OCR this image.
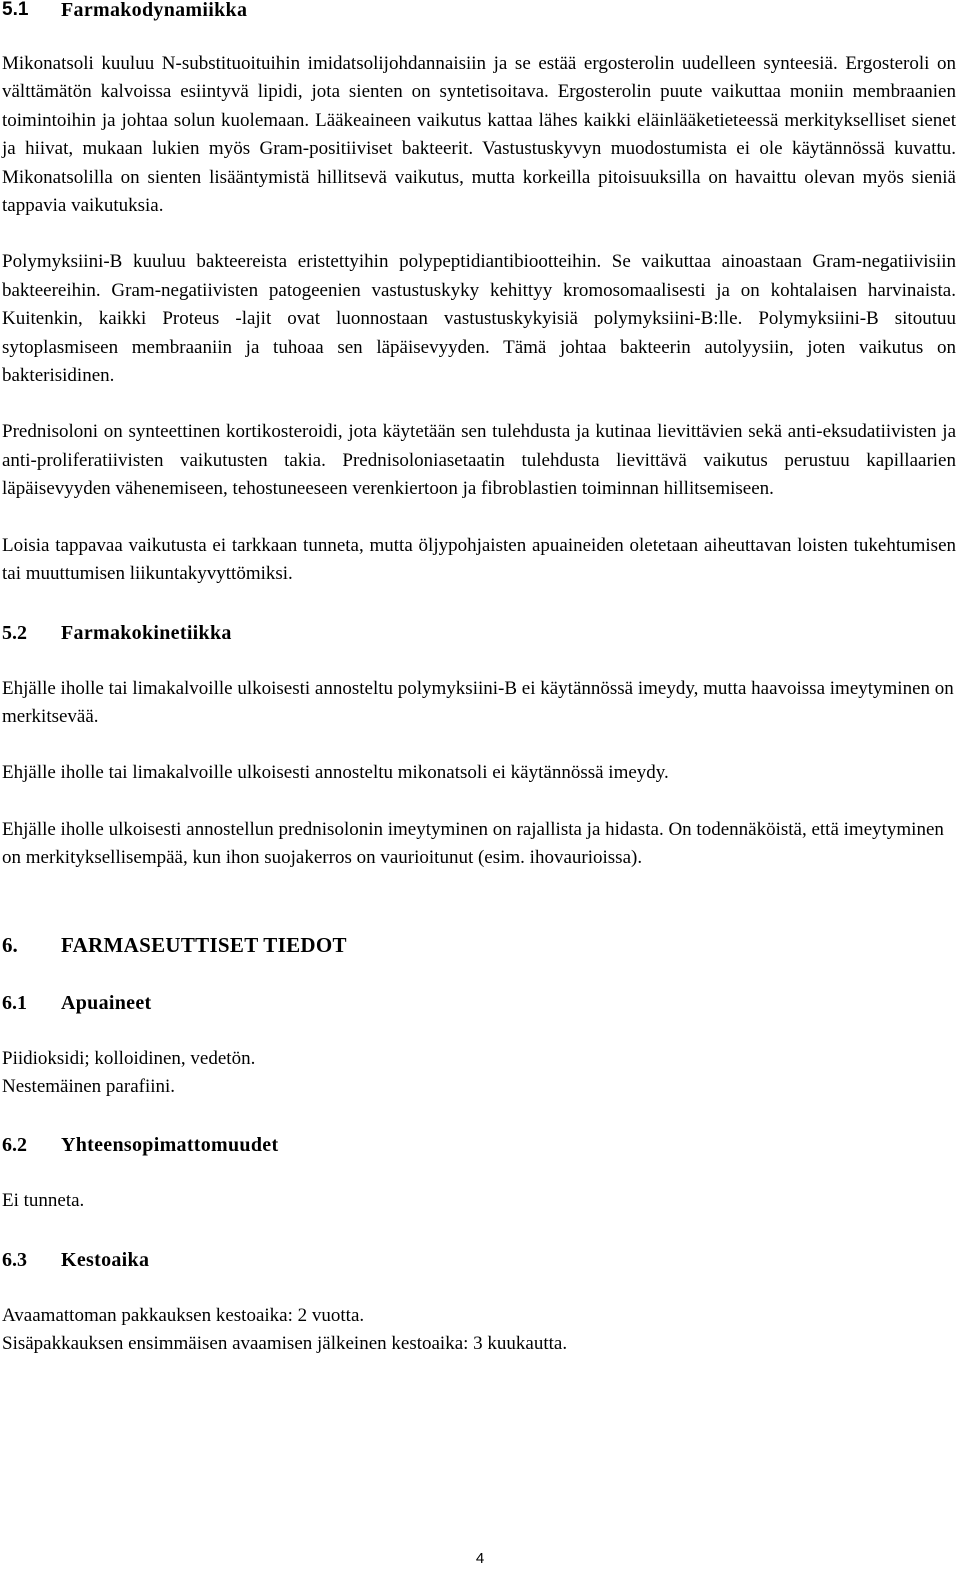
5.1	Farmakodynamiikka

Mikonatsoli kuuluu N-substituoituihin imidatsolijohdannaisiin ja se estää ergosterolin uudelleen synteesiä. Ergosteroli on välttämätön kalvoissa esiintyvä lipidi, jota sienten on syntetisoitava. Ergosterolin puute vaikuttaa moniin membraanien toimintoihin ja johtaa solun kuolemaan. Lääkeaineen vaikutus kattaa lähes kaikki eläinlääketieteessä merkitykselliset sienet ja hiivat, mukaan lukien myös Gram-positiiviset bakteerit. Vastustuskyvyn muodostumista ei ole käytännössä kuvattu. Mikonatsolilla on sienten lisääntymistä hillitsevä vaikutus, mutta korkeilla pitoisuuksilla on havaittu olevan myös sieniä tappavia vaikutuksia.

Polymyksiini-B kuuluu bakteereista eristettyihin polypeptidiantibiootteihin. Se vaikuttaa ainoastaan Gram-negatiivisiin bakteereihin. Gram-negatiivisten patogeenien vastustuskyky kehittyy kromosomaalisesti ja on kohtalaisen harvinaista. Kuitenkin, kaikki Proteus -lajit ovat luonnostaan vastustuskykyisiä polymyksiini-B:lle. Polymyksiini-B sitoutuu sytoplasmiseen membraaniin ja tuhoaa sen läpäisevyyden. Tämä johtaa bakteerin autolyysiin, joten vaikutus on bakterisidinen.

Prednisoloni on synteettinen kortikosteroidi, jota käytetään sen tulehdusta ja kutinaa lievittävien sekä anti-eksudatiivisten ja anti-proliferatiivisten vaikutusten takia. Prednisoloniasetaatin tulehdusta lievittävä vaikutus perustuu kapillaarien läpäisevyyden vähenemiseen, tehostuneeseen verenkiertoon ja fibroblastien toiminnan hillitsemiseen.

Loisia tappavaa vaikutusta ei tarkkaan tunneta, mutta öljypohjaisten apuaineiden oletetaan aiheuttavan loisten tukehtumisen tai muuttumisen liikuntakyvyttömiksi.

5.2	Farmakokinetiikka

Ehjälle iholle tai limakalvoille ulkoisesti annosteltu polymyksiini-B ei käytännössä imeydy, mutta haavoissa imeytyminen on merkitsevää.

Ehjälle iholle tai limakalvoille ulkoisesti annosteltu mikonatsoli ei käytännössä imeydy.

Ehjälle iholle ulkoisesti annostellun prednisolonin imeytyminen on rajallista ja hidasta. On todennäköistä, että imeytyminen on merkityksellisempää, kun ihon suojakerros on vaurioitunut (esim. ihovaurioissa).

6.	FARMASEUTTISET TIEDOT
6.1	Apuaineet

Piidioksidi; kolloidinen, vedetön.

Nestemäinen parafiini.

6.2	Yhteensopimattomuudet

Ei tunneta.

6.3	Kestoaika

Avaamattoman pakkauksen kestoaika: 2 vuotta.

Sisäpakkauksen ensimmäisen avaamisen jälkeinen kestoaika: 3 kuukautta.

4
